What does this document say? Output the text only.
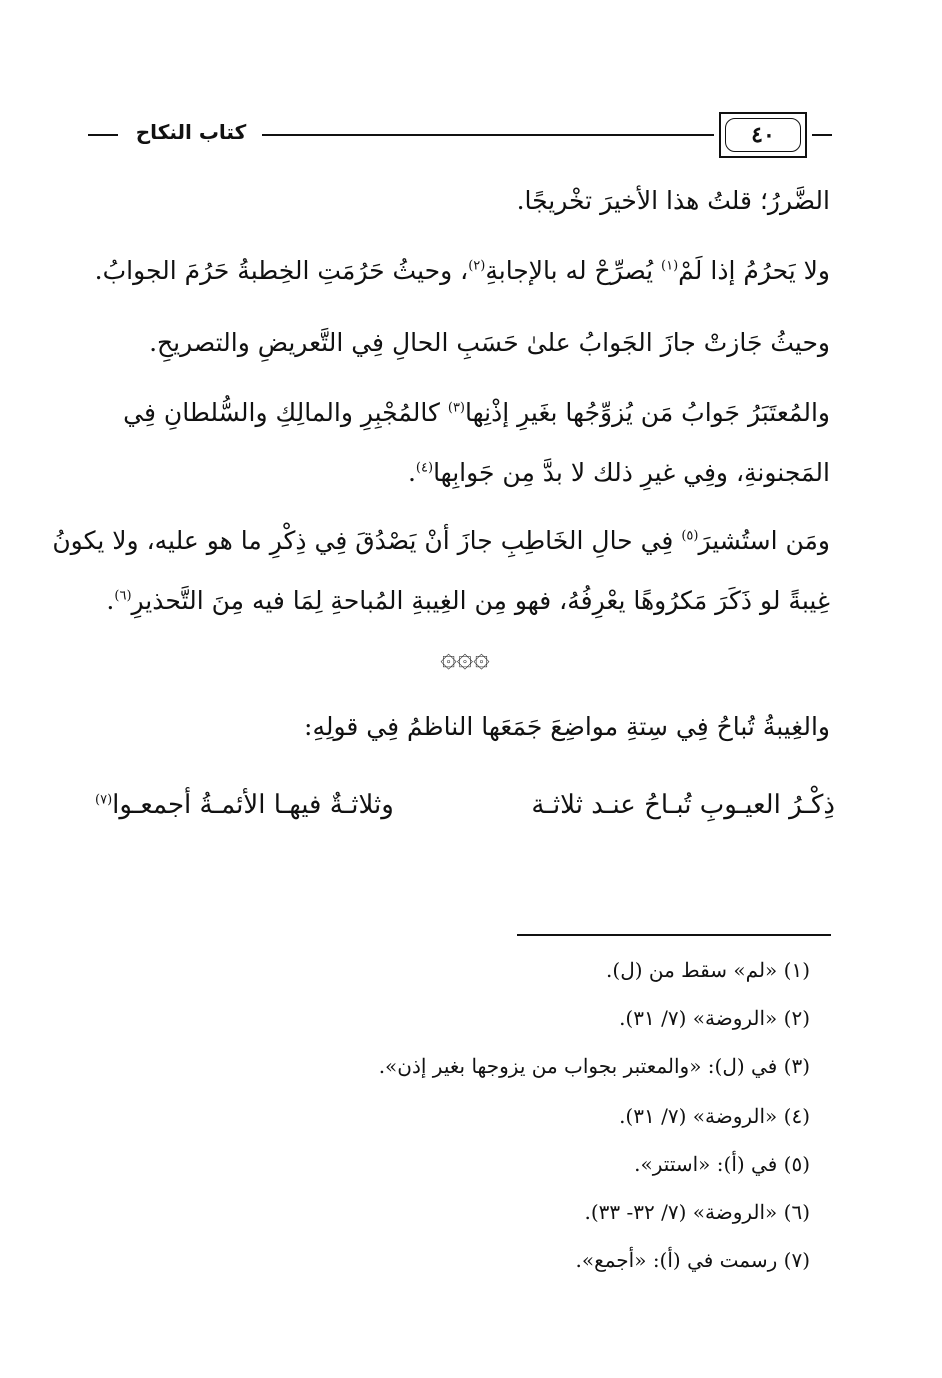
٤٠
كتاب النكاح
الضَّررُ؛ قلتُ هذا الأخيرَ تخْريجًا.
ولا يَحرُمُ إذا لَمْ$^{(١)}$ يُصرِّحْ له بالإجابةِ$^{(٢)}$، وحيثُ حَرُمَتِ الخِطبةُ حَرُمَ الجوابُ.
وحيثُ جَازتْ جازَ الجَوابُ علىٰ حَسَبِ الحالِ فِي التَّعريضِ والتصريحِ.
والمُعتَبَرُ جَوابُ مَن يُزوِّجُها بغَيرِ إذْنِها$^{(٣)}$ كالمُجْبِرِ والمالِكِ والسُّلطانِ فِي
المَجنونةِ، وفِي غيرِ ذلك لا بدَّ مِن جَوابِها$^{(٤)}$.
ومَن استُشيرَ$^{(٥)}$ فِي حالِ الخَاطِبِ جازَ أنْ يَصْدُقَ فِي ذِكْرِ ما هو عليه، ولا يكونُ
غِيبةً لو ذَكَرَ مَكرُوهًا يعْرِفُهُ، فهو مِن الغِيبةِ المُباحةِ لِمَا فيه مِنَ التَّحذيرِ$^{(٦)}$.
والغِيبةُ تُباحُ فِي سِتةِ مواضِعَ جَمَعَها الناظمُ فِي قولِهِ:
۞۞۞
ذِكْـرُ العيـوبِ تُبـاحُ عنـد ثلاثـة
وثلاثـةٌ فيهـا الأئمـةُ أجمعـوا$^{(٧)}$
(١) «لم» سقط من (ل).
(٢) «الروضة» (٧/ ٣١).
(٣) في (ل): «والمعتبر بجواب من يزوجها بغير إذن».
(٤) «الروضة» (٧/ ٣١).
(٥) في (أ): «استتر».
(٦) «الروضة» (٧/ ٣٢- ٣٣).
(٧) رسمت في (أ): «أجمع».
